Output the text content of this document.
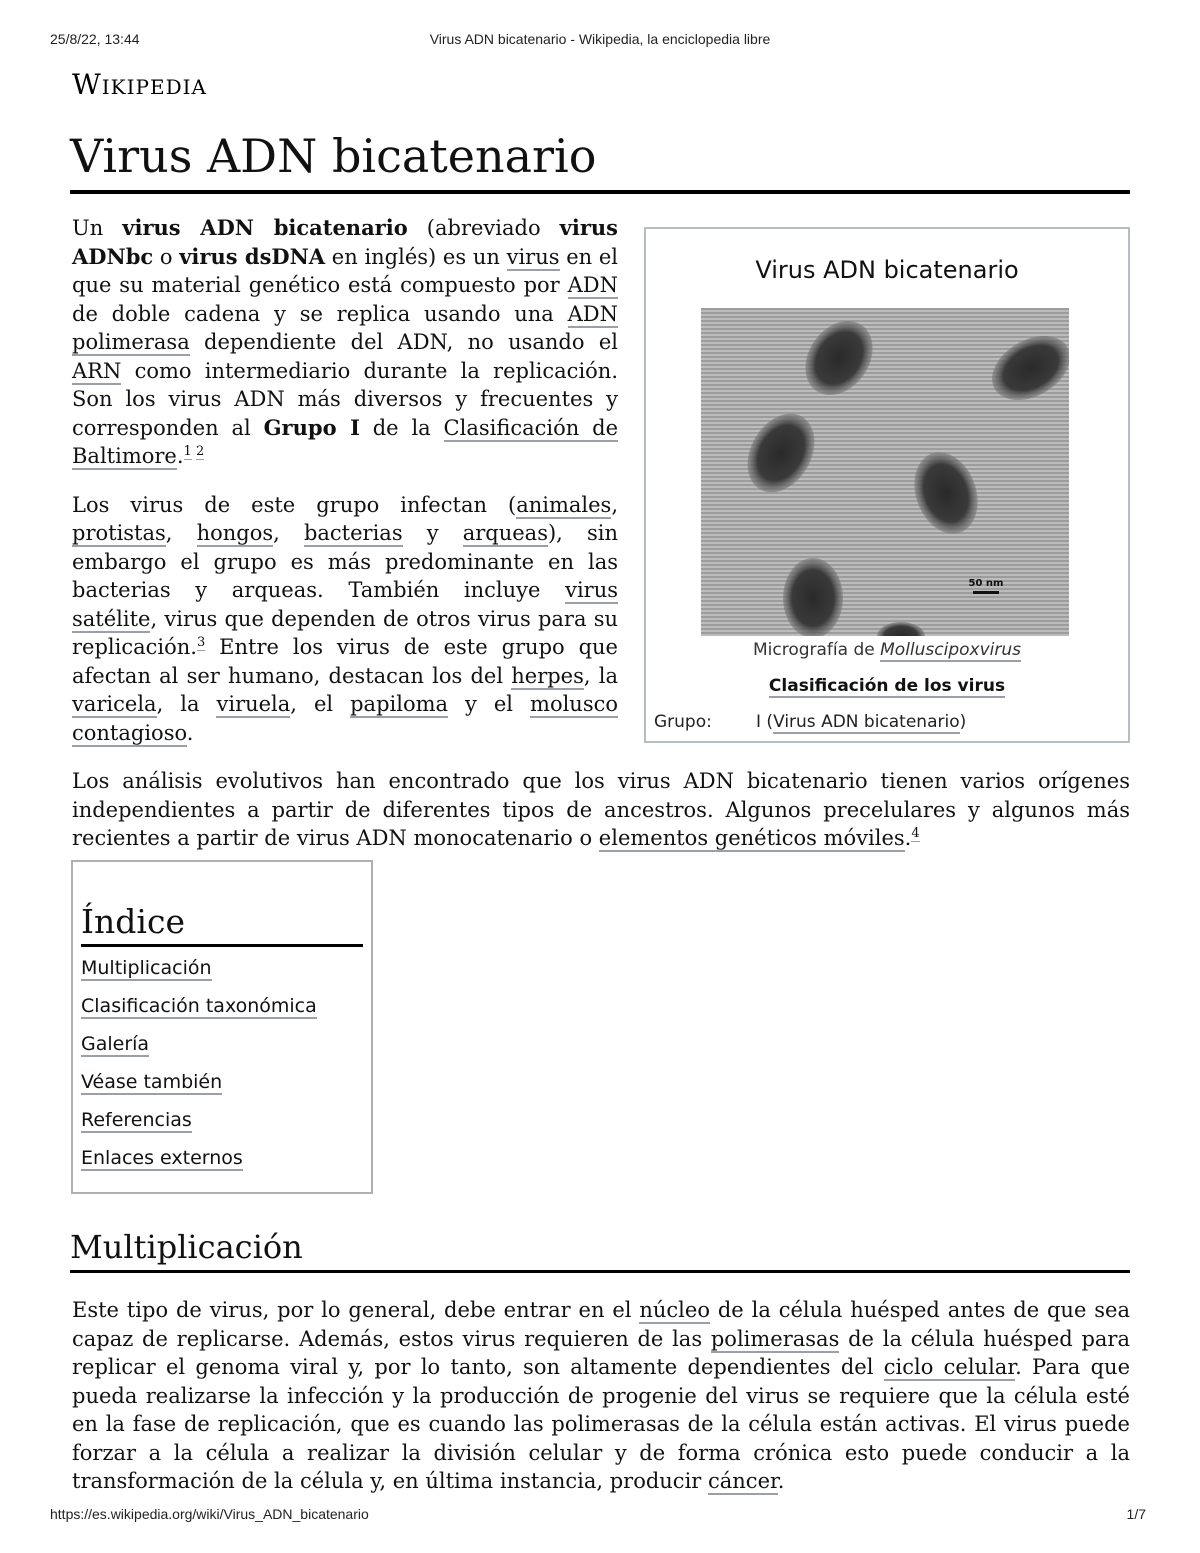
25/8/22, 13:44	Virus ADN bicatenario - Wikipedia, la enciclopedia libre
Wikipedia
Virus ADN bicatenario
Virus ADN bicatenario
50 nm
Micrografía de Molluscipoxvirus
Clasificación de los virus
Grupo:	I (Virus ADN bicatenario)

Un virus ADN bicatenario (abreviado virus ADNbc o virus dsDNA en inglés) es un virus en el que su material genético está compuesto por ADN de doble cadena y se replica usando una ADN polimerasa dependiente del ADN, no usando el ARN como intermediario durante la replicación. Son los virus ADN más diversos y frecuentes y corresponden al Grupo I de la Clasificación de Baltimore.$^{1 2}$

Los virus de este grupo infectan (animales, protistas, hongos, bacterias y arqueas), sin embargo el grupo es más predominante en las bacterias y arqueas. También incluye virus satélite, virus que dependen de otros virus para su replicación.$^3$ Entre los virus de este grupo que afectan al ser humano, destacan los del herpes, la varicela, la viruela, el papiloma y el molusco contagioso.

Los análisis evolutivos han encontrado que los virus ADN bicatenario tienen varios orígenes independientes a partir de diferentes tipos de ancestros. Algunos precelulares y algunos más recientes a partir de virus ADN monocatenario o elementos genéticos móviles.$^4$

Índice
Multiplicación
Clasificación taxonómica
Galería
Véase también
Referencias
Enlaces externos
Multiplicación

Este tipo de virus, por lo general, debe entrar en el núcleo de la célula huésped antes de que sea capaz de replicarse. Además, estos virus requieren de las polimerasas de la célula huésped para replicar el genoma viral y, por lo tanto, son altamente dependientes del ciclo celular. Para que pueda realizarse la infección y la producción de progenie del virus se requiere que la célula esté en la fase de replicación, que es cuando las polimerasas de la célula están activas. El virus puede forzar a la célula a realizar la división celular y de forma crónica esto puede conducir a la transformación de la célula y, en última instancia, producir cáncer.

https://es.wikipedia.org/wiki/Virus_ADN_bicatenario	1/7
